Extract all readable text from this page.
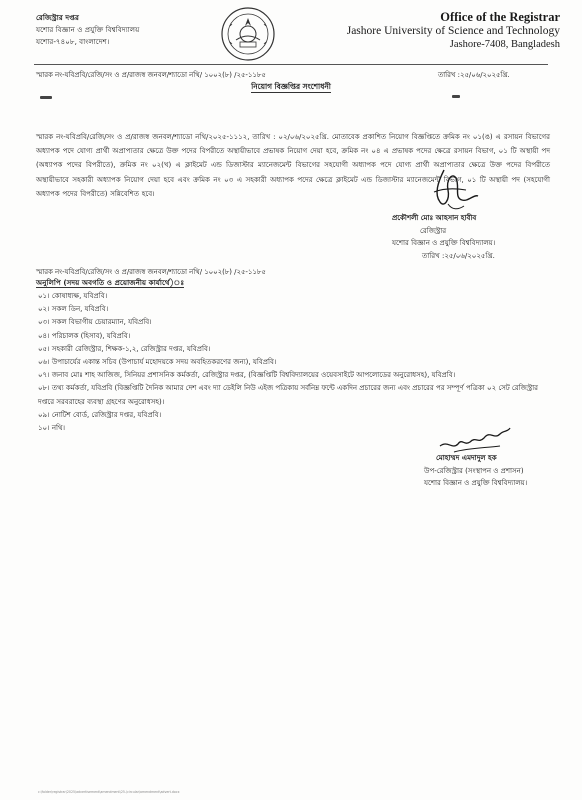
রেজিস্ট্রার দপ্তর
যশোর বিজ্ঞান ও প্রযুক্তি বিশ্ববিদ্যালয়
যশোর-৭৪০৮, বাংলাদেশ।
Office of the Registrar
Jashore University of Science and Technology
Jashore-7408, Bangladesh
স্মারক নং-যবিপ্রবি/রেজি/সং ও প্র/রাজস্ব জনবল/শ্যাডো নথি/ ১০০২(৮) /২৫-১১৮৫	তারিখ :২৫/০৬/২০২৫খ্রি.
নিয়োগ বিজ্ঞপ্তির সংশোধনী
স্মারক নং-যবিপ্রবি/রেজি/সং ও প্র/রাজস্ব জনবল/শ্যাডো নথি/২০২৫-১১১২, তারিখ : ০২/০৬/২০২৫খ্রি. মোতাবেক প্রকাশিত নিয়োগ বিজ্ঞপ্তিতে ক্রমিক নং ০১(ঙ) এ রসায়ন বিভাগের অধ্যাপক পদে যোগ্য প্রার্থী অপ্রাপ্যতার ক্ষেত্রে উক্ত পদের বিপরীতে অস্থায়ীভাবে প্রভাষক নিয়োগ দেয়া হবে, ক্রমিক নং ০৪ এ প্রভাষক পদের ক্ষেত্রে রসায়ন বিভাগ, ০১ টি অস্থায়ী পদ (অধ্যাপক পদের বিপরীতে), ক্রমিক নং ০২(খ) এ ক্লাইমেট এন্ড ডিজাস্টার ম্যানেজমেন্ট বিভাগের সহযোগী অধ্যাপক পদে যোগ্য প্রার্থী অপ্রাপ্যতার ক্ষেত্রে উক্ত পদের বিপরীতে অস্থায়ীভাবে সহকারী অধ্যাপক নিয়োগ দেয়া হবে এবং ক্রমিক নং ০৩ এ সহকারী অধ্যাপক পদের ক্ষেত্রে ক্লাইমেট এন্ড ডিজাস্টার ম্যানেজমেন্ট বিভাগ, ০১ টি অস্থায়ী পদ (সহযোগী অধ্যাপক পদের বিপরীতে) সন্নিবেশিত হবে।
প্রকৌশলী মোঃ আহসান হাবীব
রেজিস্ট্রার
যশোর বিজ্ঞান ও প্রযুক্তি বিশ্ববিদ্যালয়।
তারিখ :২৫/০৬/২০২৫খ্রি.
স্মারক নং-যবিপ্রবি/রেজি/সং ও প্র/রাজস্ব জনবল/শ্যাডো নথি/ ১০০২(৮) /২৫-১১৮৫
অনুলিপি (সদয় অবগতি ও প্রয়োজনীয় কার্যার্থে)ঃ
০১। কোষাধ্যক্ষ, যবিপ্রবি।
০২। সকল ডিন, যবিপ্রবি।
০৩। সকল বিভাগীয় চেয়ারম্যান, যবিপ্রবি।
০৪। পরিচালক (হিসাব), যবিপ্রবি।
০৫। সহকারী রেজিস্ট্রার, শিক্ষক-১,২, রেজিস্ট্রার দপ্তর, যবিপ্রবি।
০৬। উপাচার্যের একান্ত সচিব (উপাচার্য মহোদয়কে সদয় অবহিতকরণের জন্য), যবিপ্রবি।
০৭। জনাব মোঃ শাহ আজিজ, সিনিয়র প্রশাসনিক কর্মকর্তা, রেজিস্ট্রার দপ্তর, (বিজ্ঞপ্তিটি বিশ্ববিদ্যালয়ের ওয়েবসাইটে আপলোডের অনুরোধসহ), যবিপ্রবি।
০৮। তথ্য কর্মকর্তা, যবিপ্রবি (বিজ্ঞপ্তিটি দৈনিক আমার দেশ এবং দ্যা ডেইলি নিউ এইজ পত্রিকায় সর্বনিম্ন ফন্টে একদিন প্রচারের জন্য এবং প্রচারের পর সম্পূর্ণ পত্রিকা ০২ সেট রেজিস্ট্রার দপ্তরে সরবরাহের ব্যবস্থা গ্রহণের অনুরোধসহ)।
০৯। নোটিশ বোর্ড, রেজিস্ট্রার দপ্তর, যবিপ্রবি।
১০। নথি।
মোহাম্মদ এমদাদুল হক
উপ-রেজিস্ট্রার (সংস্থাপন ও প্রশাসন)
যশোর বিজ্ঞান ও প্রযুক্তি বিশ্ববিদ্যালয়।
c:\folder\registrar\2025\advertisement\amendment\25-\circular\amendment\advert.docx
